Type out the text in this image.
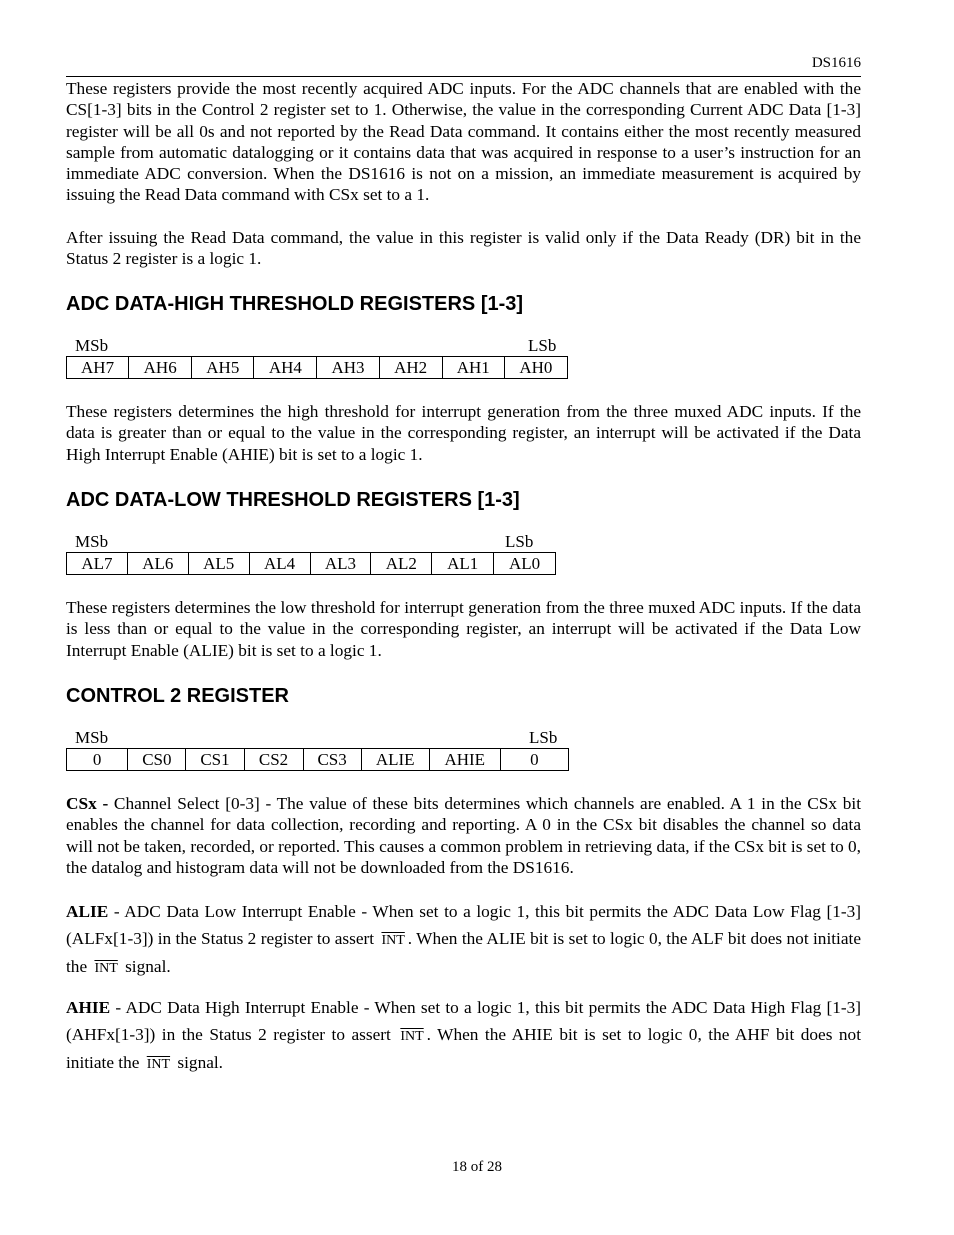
DS1616

These registers provide the most recently acquired ADC inputs. For the ADC channels that are enabled with the CS[1-3] bits in the Control 2 register set to 1. Otherwise, the value in the corresponding Current ADC Data [1-3] register will be all 0s and not reported by the Read Data command. It contains either the most recently measured sample from automatic datalogging or it contains data that was acquired in response to a user’s instruction for an immediate ADC conversion. When the DS1616 is not on a mission, an immediate measurement is acquired by issuing the Read Data command with CSx set to a 1.

After issuing the Read Data command, the value in this register is valid only if the Data Ready (DR) bit in the Status 2 register is a logic 1.

ADC DATA-HIGH THRESHOLD REGISTERS [1-3]
MSb	LSb
AH7	AH6	AH5	AH4	AH3	AH2	AH1	AH0

These registers determines the high threshold for interrupt generation from the three muxed ADC inputs. If the data is greater than or equal to the value in the corresponding register, an interrupt will be activated if the Data High Interrupt Enable (AHIE) bit is set to a logic 1.

ADC DATA-LOW THRESHOLD REGISTERS [1-3]
MSb	LSb
AL7	AL6	AL5	AL4	AL3	AL2	AL1	AL0

These registers determines the low threshold for interrupt generation from the three muxed ADC inputs. If the data is less than or equal to the value in the corresponding register, an interrupt will be activated if the Data Low Interrupt Enable (ALIE) bit is set to a logic 1.

CONTROL 2 REGISTER
MSb	LSb
0	CS0	CS1	CS2	CS3	ALIE	AHIE	0

CSx - Channel Select [0-3] - The value of these bits determines which channels are enabled. A 1 in the CSx bit enables the channel for data collection, recording and reporting. A 0 in the CSx bit disables the channel so data will not be taken, recorded, or reported. This causes a common problem in retrieving data, if the CSx bit is set to 0, the datalog and histogram data will not be downloaded from the DS1616.

ALIE - ADC Data Low Interrupt Enable - When set to a logic 1, this bit permits the ADC Data Low Flag [1-3] (ALFx[1-3]) in the Status 2 register to assert $\overline{INT}$ . When the ALIE bit is set to logic 0, the ALF bit does not initiate the $\overline{INT}$ signal.

AHIE - ADC Data High Interrupt Enable - When set to a logic 1, this bit permits the ADC Data High Flag [1-3] (AHFx[1-3]) in the Status 2 register to assert $\overline{INT}$ . When the AHIE bit is set to logic 0, the AHF bit does not initiate the $\overline{INT}$ signal.

18 of 28
